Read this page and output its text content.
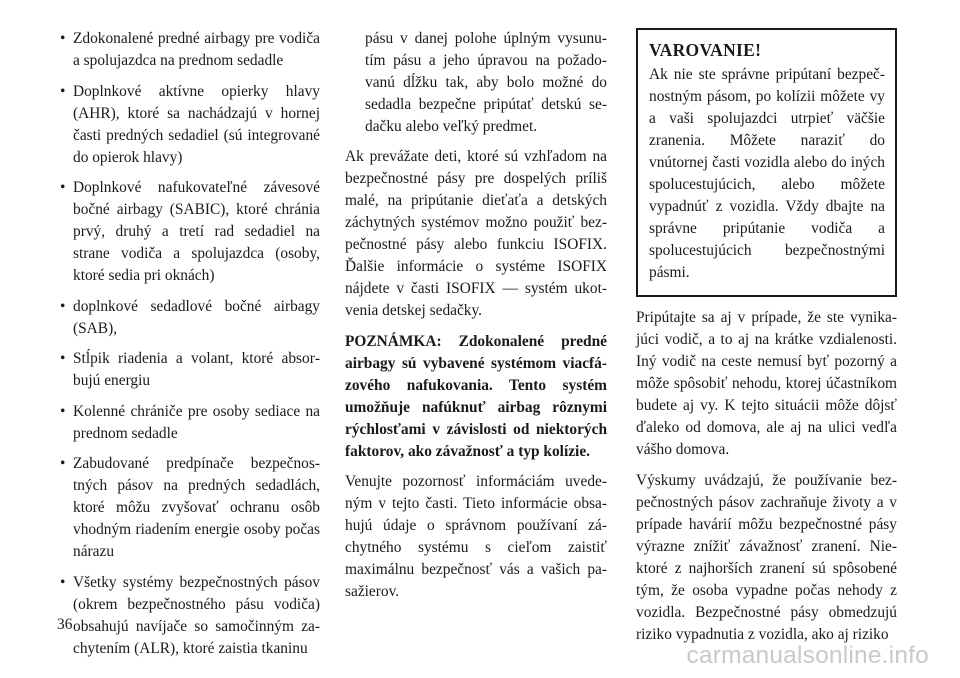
• Zdokonalené predné airbagy pre vodiča a spolujazdca na prednom sedadle
• Doplnkové aktívne opierky hlavy (AHR), ktoré sa nachádzajú v hornej časti predných sedadiel (sú integrované do opierok hlavy)
• Doplnkové nafukovateľné závesové bočné airbagy (SABIC), ktoré chránia prvý, druhý a tretí rad sedadiel na strane vodiča a spolujazdca (osoby, ktoré sedia pri oknách)
• doplnkové sedadlové bočné airbagy (SAB),
• Stĺpik riadenia a volant, ktoré absorbujú energiu
• Kolenné chrániče pre osoby sediace na prednom sedadle
• Zabudované predpínače bezpečnostných pásov na predných sedadlách, ktoré môžu zvyšovať ochranu osôb vhodným riadením energie osoby počas nárazu
• Všetky systémy bezpečnostných pásov (okrem bezpečnostného pásu vodiča) obsahujú navíjače so samočinným zachytením (ALR), ktoré zaistia tkaninu
pásu v danej polohe úplným vysunutím pásu a jeho úpravou na požadovanú dĺžku tak, aby bolo možné do sedadla bezpečne pripútať detskú sedačku alebo veľký predmet.

Ak prevážate deti, ktoré sú vzhľadom na bezpečnostné pásy pre dospelých príliš malé, na pripútanie dieťaťa a detských záchytných systémov možno použiť bezpečnostné pásy alebo funkciu ISOFIX. Ďalšie informácie o systéme ISOFIX nájdete v časti ISOFIX — systém ukotvenia detskej sedačky.

POZNÁMKA: Zdokonalené predné airbagy sú vybavené systémom viacfázového nafukovania. Tento systém umožňuje nafúknuť airbag rôznymi rýchlosťami v závislosti od niektorých faktorov, ako závažnosť a typ kolízie.

Venujte pozornosť informáciám uvedeným v tejto časti. Tieto informácie obsahujú údaje o správnom používaní záchytného systému s cieľom zaistiť maximálnu bezpečnosť vás a vašich pasažierov.

VAROVANIE!

Ak nie ste správne pripútaní bezpečnostným pásom, po kolízii môžete vy a vaši spolujazdci utrpieť väčšie zranenia. Môžete naraziť do vnútornej časti vozidla alebo do iných spolucestujúcich, alebo môžete vypadnúť z vozidla. Vždy dbajte na správne pripútanie vodiča a spolucestujúcich bezpečnostnými pásmi.

Pripútajte sa aj v prípade, že ste vynikajúci vodič, a to aj na krátke vzdialenosti. Iný vodič na ceste nemusí byť pozorný a môže spôsobiť nehodu, ktorej účastníkom budete aj vy. K tejto situácii môže dôjsť ďaleko od domova, ale aj na ulici vedľa vášho domova.

Výskumy uvádzajú, že používanie bezpečnostných pásov zachraňuje životy a v prípade havárií môžu bezpečnostné pásy výrazne znížiť závažnosť zranení. Niektoré z najhorších zranení sú spôsobené tým, že osoba vypadne počas nehody z vozidla. Bezpečnostné pásy obmedzujú riziko vypadnutia z vozidla, ako aj riziko

36
carmanualsonline.info
